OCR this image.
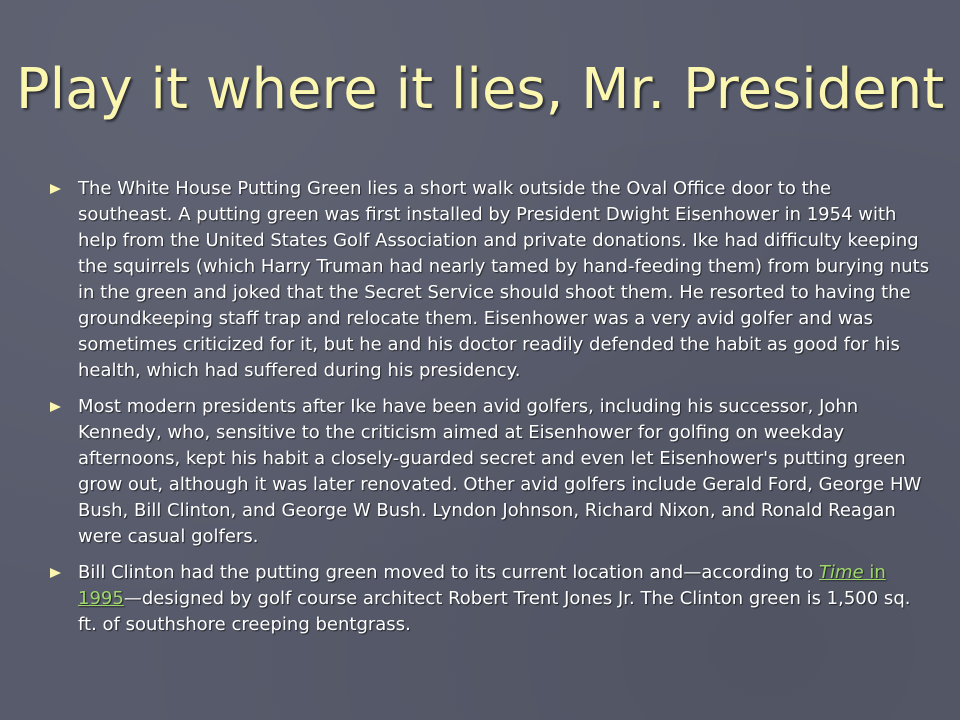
Play it where it lies, Mr. President
The White House Putting Green lies a short walk outside the Oval Office door to the southeast. A putting green was first installed by President Dwight Eisenhower in 1954 with help from the United States Golf Association and private donations. Ike had difficulty keeping the squirrels (which Harry Truman had nearly tamed by hand-feeding them) from burying nuts in the green and joked that the Secret Service should shoot them. He resorted to having the groundkeeping staff trap and relocate them. Eisenhower was a very avid golfer and was sometimes criticized for it, but he and his doctor readily defended the habit as good for his health, which had suffered during his presidency.
Most modern presidents after Ike have been avid golfers, including his successor, John Kennedy, who, sensitive to the criticism aimed at Eisenhower for golfing on weekday afternoons, kept his habit a closely-guarded secret and even let Eisenhower's putting green grow out, although it was later renovated. Other avid golfers include Gerald Ford, George HW Bush, Bill Clinton, and George W Bush. Lyndon Johnson, Richard Nixon, and Ronald Reagan were casual golfers.
Bill Clinton had the putting green moved to its current location and—according to Time in 1995—designed by golf course architect Robert Trent Jones Jr. The Clinton green is 1,500 sq. ft. of southshore creeping bentgrass.
